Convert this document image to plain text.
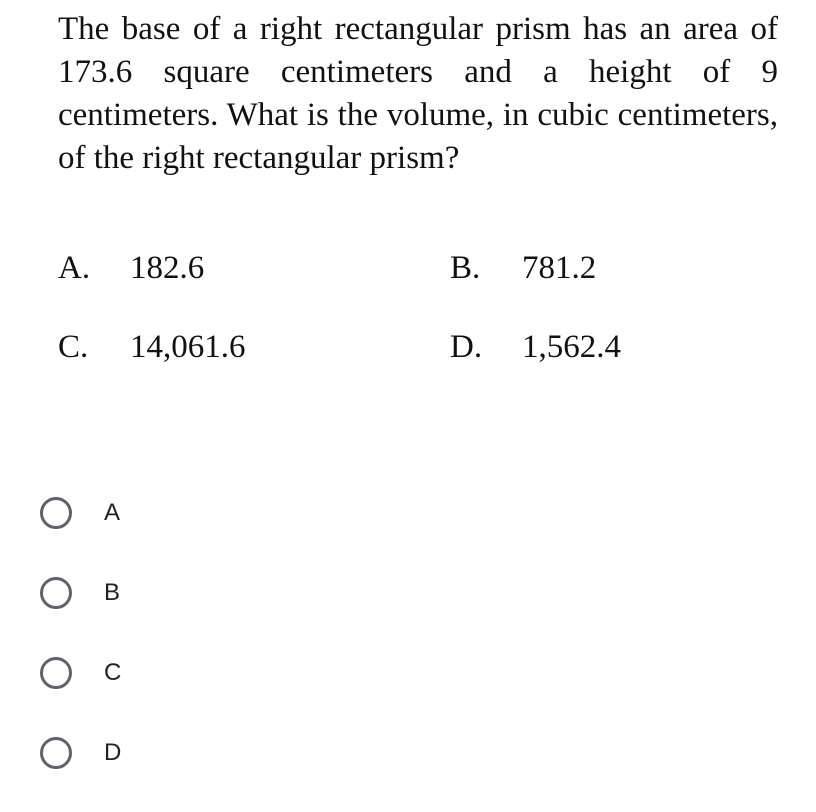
The base of a right rectangular prism has an area of 173.6 square centimeters and a height of 9 centimeters. What is the volume, in cubic centimeters, of the right rectangular prism?

A. 182.6	B. 781.2
C. 14,061.6	D. 1,562.4
A
B
C
D
